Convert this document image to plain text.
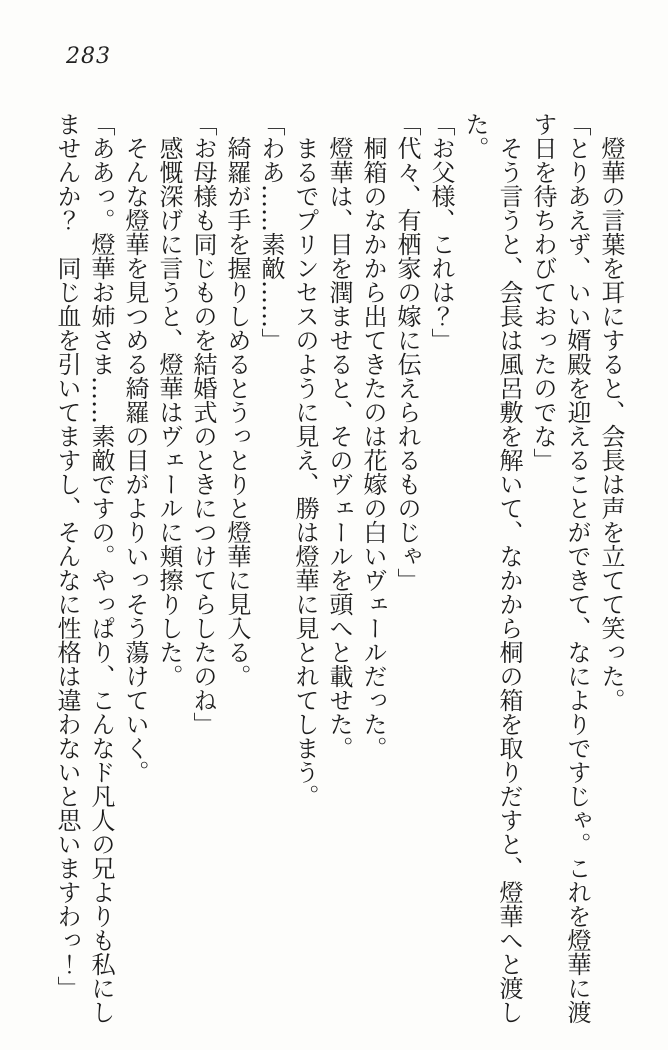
283

燈華の言葉を耳にすると、会長は声を立てて笑った。

「とりあえず、いい婿殿を迎えることができて、なによりですじゃ。これを燈華に渡す日を待ちわびておったのでな」

そう言うと、会長は風呂敷を解いて、なかから桐の箱を取りだすと、燈華へと渡した。

「お父様、これは？」

「代々、有栖家の嫁に伝えられるものじゃ」

桐箱のなかから出てきたのは花嫁の白いヴェールだった。

燈華は、目を潤ませると、そのヴェールを頭へと載せた。

まるでプリンセスのように見え、勝は燈華に見とれてしまう。

「わあ……素敵……」

綺羅が手を握りしめるとうっとりと燈華に見入る。

「お母様も同じものを結婚式のときにつけてらしたのね」

感慨深げに言うと、燈華はヴェールに頬擦りした。

そんな燈華を見つめる綺羅の目がよりいっそう蕩けていく。

「ああっ。燈華お姉さま……素敵ですの。やっぱり、こんなド凡人の兄よりも私にしませんか？　同じ血を引いてますし、そんなに性格は違わないと思いますわっ！」
